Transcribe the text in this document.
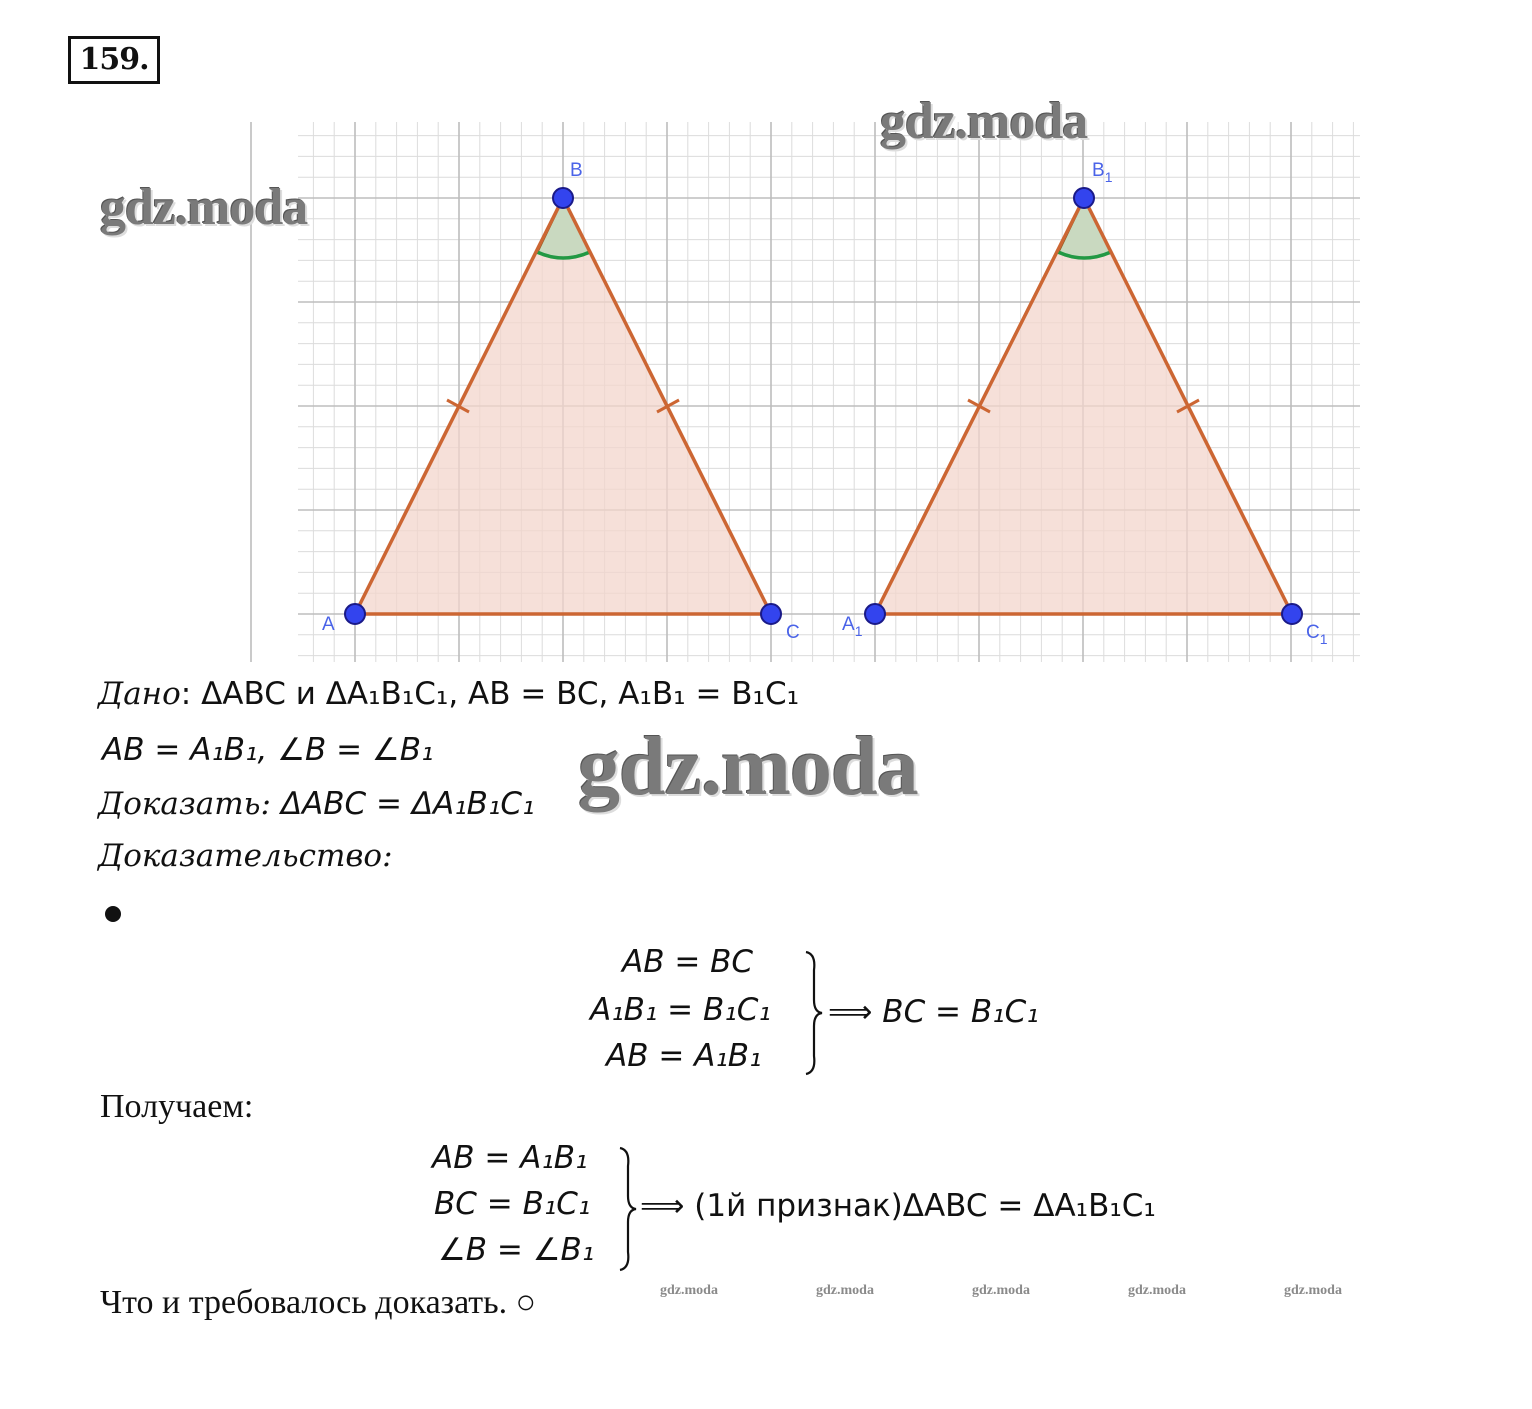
159.
A
B
C $A_1$
$B_1$
$C_1$
gdz.moda
gdz.moda
gdz.moda
Дано: ΔABC и ΔA₁B₁C₁, AB = BC, A₁B₁ = B₁C₁
AB = A₁B₁, ∠B = ∠B₁
Доказать: ΔABC = ΔA₁B₁C₁
Доказательство:
AB = BC
A₁B₁ = B₁C₁
AB = A₁B₁
⟹ BC = B₁C₁
Получаем:
AB = A₁B₁
BC = B₁C₁
∠B = ∠B₁
⟹ (1й признак)ΔABC = ΔA₁B₁C₁
Что и требовалось доказать. ○	gdz.moda	gdz.moda	gdz.moda	gdz.moda	gdz.moda
